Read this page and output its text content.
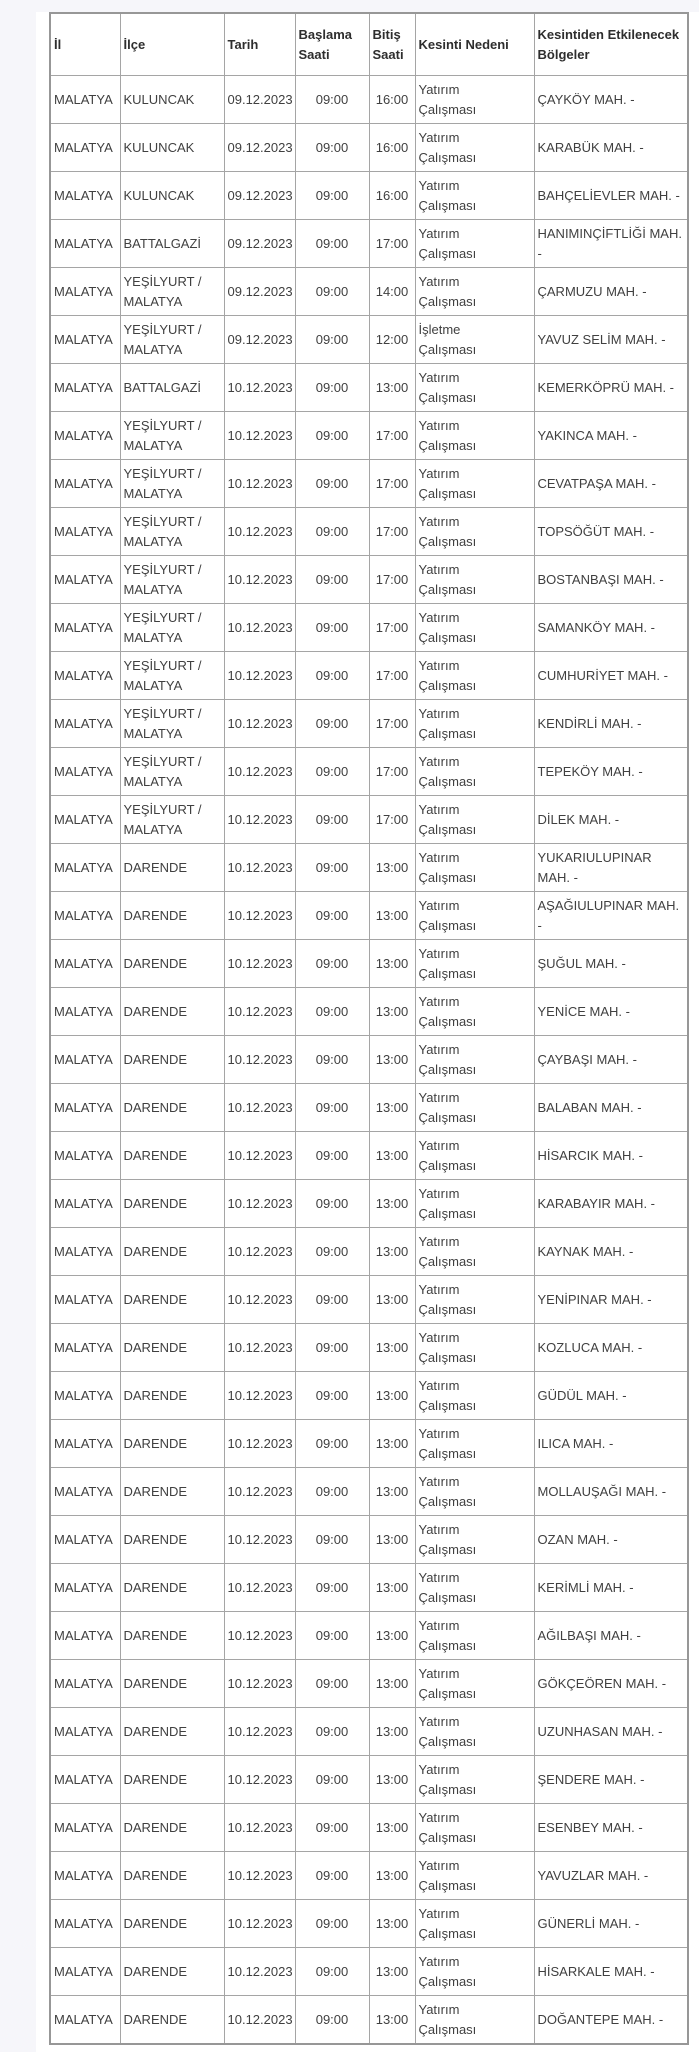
İl	İlçe	Tarih	Başlama Saati	Bitiş Saati	Kesinti Nedeni	Kesintiden Etkilenecek Bölgeler
MALATYA	KULUNCAK	09.12.2023	09:00	16:00	Yatırım Çalışması	ÇAYKÖY MAH. -
MALATYA	KULUNCAK	09.12.2023	09:00	16:00	Yatırım Çalışması	KARABÜK MAH. -
MALATYA	KULUNCAK	09.12.2023	09:00	16:00	Yatırım Çalışması	BAHÇELİEVLER MAH. -
MALATYA	BATTALGAZİ	09.12.2023	09:00	17:00	Yatırım Çalışması	HANIMINÇİFTLİĞİ MAH. -
MALATYA	YEŞİLYURT / MALATYA	09.12.2023	09:00	14:00	Yatırım Çalışması	ÇARMUZU MAH. -
MALATYA	YEŞİLYURT / MALATYA	09.12.2023	09:00	12:00	İşletme Çalışması	YAVUZ SELİM MAH. -
MALATYA	BATTALGAZİ	10.12.2023	09:00	13:00	Yatırım Çalışması	KEMERKÖPRÜ MAH. -
MALATYA	YEŞİLYURT / MALATYA	10.12.2023	09:00	17:00	Yatırım Çalışması	YAKINCA MAH. -
MALATYA	YEŞİLYURT / MALATYA	10.12.2023	09:00	17:00	Yatırım Çalışması	CEVATPAŞA MAH. -
MALATYA	YEŞİLYURT / MALATYA	10.12.2023	09:00	17:00	Yatırım Çalışması	TOPSÖĞÜT MAH. -
MALATYA	YEŞİLYURT / MALATYA	10.12.2023	09:00	17:00	Yatırım Çalışması	BOSTANBAŞI MAH. -
MALATYA	YEŞİLYURT / MALATYA	10.12.2023	09:00	17:00	Yatırım Çalışması	SAMANKÖY MAH. -
MALATYA	YEŞİLYURT / MALATYA	10.12.2023	09:00	17:00	Yatırım Çalışması	CUMHURİYET MAH. -
MALATYA	YEŞİLYURT / MALATYA	10.12.2023	09:00	17:00	Yatırım Çalışması	KENDİRLİ MAH. -
MALATYA	YEŞİLYURT / MALATYA	10.12.2023	09:00	17:00	Yatırım Çalışması	TEPEKÖY MAH. -
MALATYA	YEŞİLYURT / MALATYA	10.12.2023	09:00	17:00	Yatırım Çalışması	DİLEK MAH. -
MALATYA	DARENDE	10.12.2023	09:00	13:00	Yatırım Çalışması	YUKARIULUPINAR MAH. -
MALATYA	DARENDE	10.12.2023	09:00	13:00	Yatırım Çalışması	AŞAĞIULUPINAR MAH. -
MALATYA	DARENDE	10.12.2023	09:00	13:00	Yatırım Çalışması	ŞUĞUL MAH. -
MALATYA	DARENDE	10.12.2023	09:00	13:00	Yatırım Çalışması	YENİCE MAH. -
MALATYA	DARENDE	10.12.2023	09:00	13:00	Yatırım Çalışması	ÇAYBAŞI MAH. -
MALATYA	DARENDE	10.12.2023	09:00	13:00	Yatırım Çalışması	BALABAN MAH. -
MALATYA	DARENDE	10.12.2023	09:00	13:00	Yatırım Çalışması	HİSARCIK MAH. -
MALATYA	DARENDE	10.12.2023	09:00	13:00	Yatırım Çalışması	KARABAYIR MAH. -
MALATYA	DARENDE	10.12.2023	09:00	13:00	Yatırım Çalışması	KAYNAK MAH. -
MALATYA	DARENDE	10.12.2023	09:00	13:00	Yatırım Çalışması	YENİPINAR MAH. -
MALATYA	DARENDE	10.12.2023	09:00	13:00	Yatırım Çalışması	KOZLUCA MAH. -
MALATYA	DARENDE	10.12.2023	09:00	13:00	Yatırım Çalışması	GÜDÜL MAH. -
MALATYA	DARENDE	10.12.2023	09:00	13:00	Yatırım Çalışması	ILICA MAH. -
MALATYA	DARENDE	10.12.2023	09:00	13:00	Yatırım Çalışması	MOLLAUŞAĞI MAH. -
MALATYA	DARENDE	10.12.2023	09:00	13:00	Yatırım Çalışması	OZAN MAH. -
MALATYA	DARENDE	10.12.2023	09:00	13:00	Yatırım Çalışması	KERİMLİ MAH. -
MALATYA	DARENDE	10.12.2023	09:00	13:00	Yatırım Çalışması	AĞILBAŞI MAH. -
MALATYA	DARENDE	10.12.2023	09:00	13:00	Yatırım Çalışması	GÖKÇEÖREN MAH. -
MALATYA	DARENDE	10.12.2023	09:00	13:00	Yatırım Çalışması	UZUNHASAN MAH. -
MALATYA	DARENDE	10.12.2023	09:00	13:00	Yatırım Çalışması	ŞENDERE MAH. -
MALATYA	DARENDE	10.12.2023	09:00	13:00	Yatırım Çalışması	ESENBEY MAH. -
MALATYA	DARENDE	10.12.2023	09:00	13:00	Yatırım Çalışması	YAVUZLAR MAH. -
MALATYA	DARENDE	10.12.2023	09:00	13:00	Yatırım Çalışması	GÜNERLİ MAH. -
MALATYA	DARENDE	10.12.2023	09:00	13:00	Yatırım Çalışması	HİSARKALE MAH. -
MALATYA	DARENDE	10.12.2023	09:00	13:00	Yatırım Çalışması	DOĞANTEPE MAH. -
